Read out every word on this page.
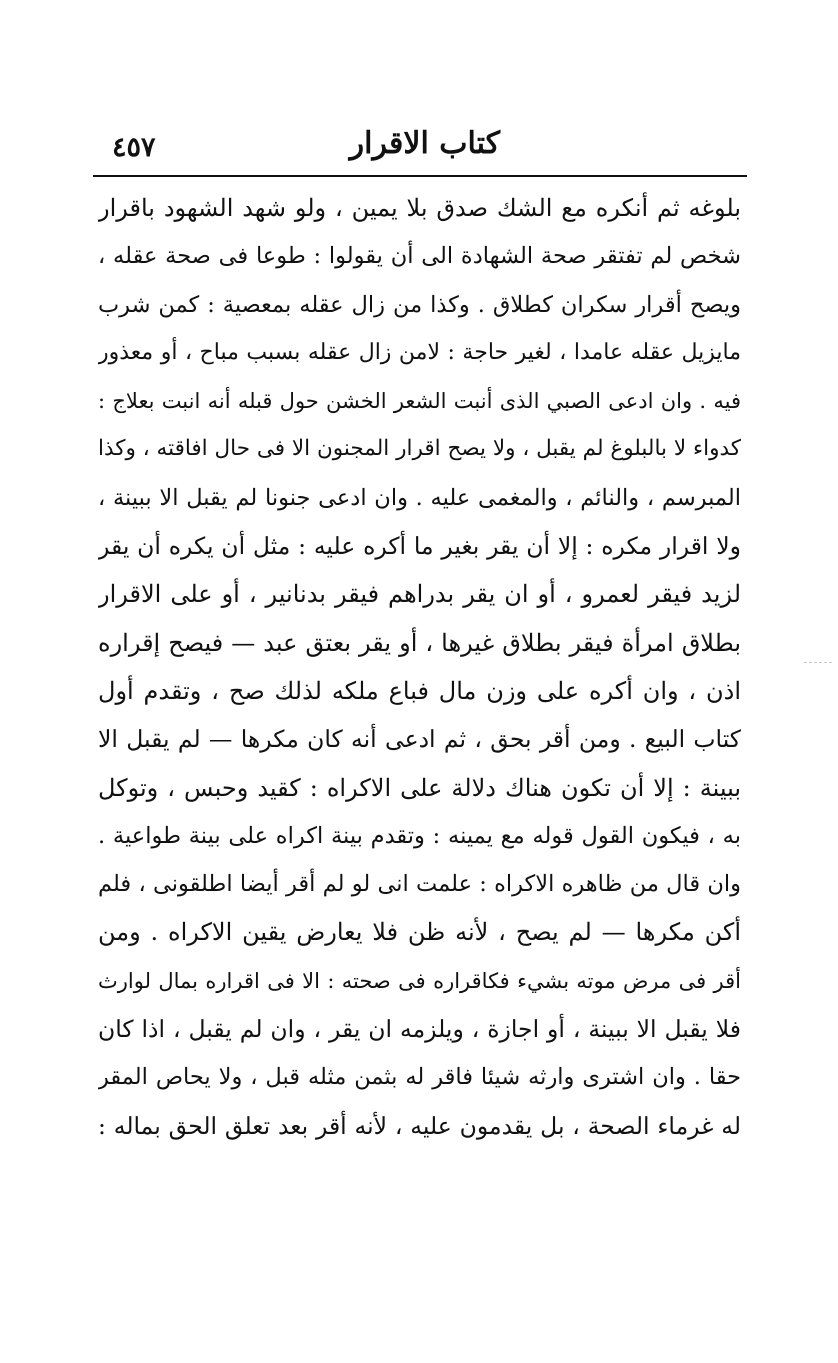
كتاب الاقرار
٤٥٧
بلوغه ثم أنكره مع الشك صدق بلا يمين ، ولو شهد الشهود باقرار
شخص لم تفتقر صحة الشهادة الى أن يقولوا : طوعا فى صحة عقله ،
ويصح أقرار سكران كطلاق . وكذا من زال عقله بمعصية : كمن شرب
مايزيل عقله عامدا ، لغير حاجة : لامن زال عقله بسبب مباح ، أو معذور
فيه . وان ادعى الصبي الذى أنبت الشعر الخشن حول قبله أنه انبت بعلاج :
كدواء لا بالبلوغ لم يقبل ، ولا يصح اقرار المجنون الا فى حال افاقته ، وكذا
المبرسم ، والنائم ، والمغمى عليه . وان ادعى جنونا لم يقبل الا ببينة ،
ولا اقرار مكره : إلا أن يقر بغير ما أكره عليه : مثل أن يكره أن يقر
لزيد فيقر لعمرو ، أو ان يقر بدراهم فيقر بدنانير ، أو على الاقرار
بطلاق امرأة فيقر بطلاق غيرها ، أو يقر بعتق عبد — فيصح إقراره
اذن ، وان أكره على وزن مال فباع ملكه لذلك صح ، وتقدم أول
كتاب البيع . ومن أقر بحق ، ثم ادعى أنه كان مكرها — لم يقبل الا
ببينة : إلا أن تكون هناك دلالة على الاكراه : كقيد وحبس ، وتوكل
به ، فيكون القول قوله مع يمينه : وتقدم بينة اكراه على بينة طواعية .
وان قال من ظاهره الاكراه : علمت انى لو لم أقر أيضا اطلقونى ، فلم
أكن مكرها — لم يصح ، لأنه ظن فلا يعارض يقين الاكراه . ومن
أقر فى مرض موته بشيء فكاقراره فى صحته : الا فى اقراره بمال لوارث
فلا يقبل الا ببينة ، أو اجازة ، ويلزمه ان يقر ، وان لم يقبل ، اذا كان
حقا . وان اشترى وارثه شيئا فاقر له بثمن مثله قبل ، ولا يحاص المقر
له غرماء الصحة ، بل يقدمون عليه ، لأنه أقر بعد تعلق الحق بماله :
